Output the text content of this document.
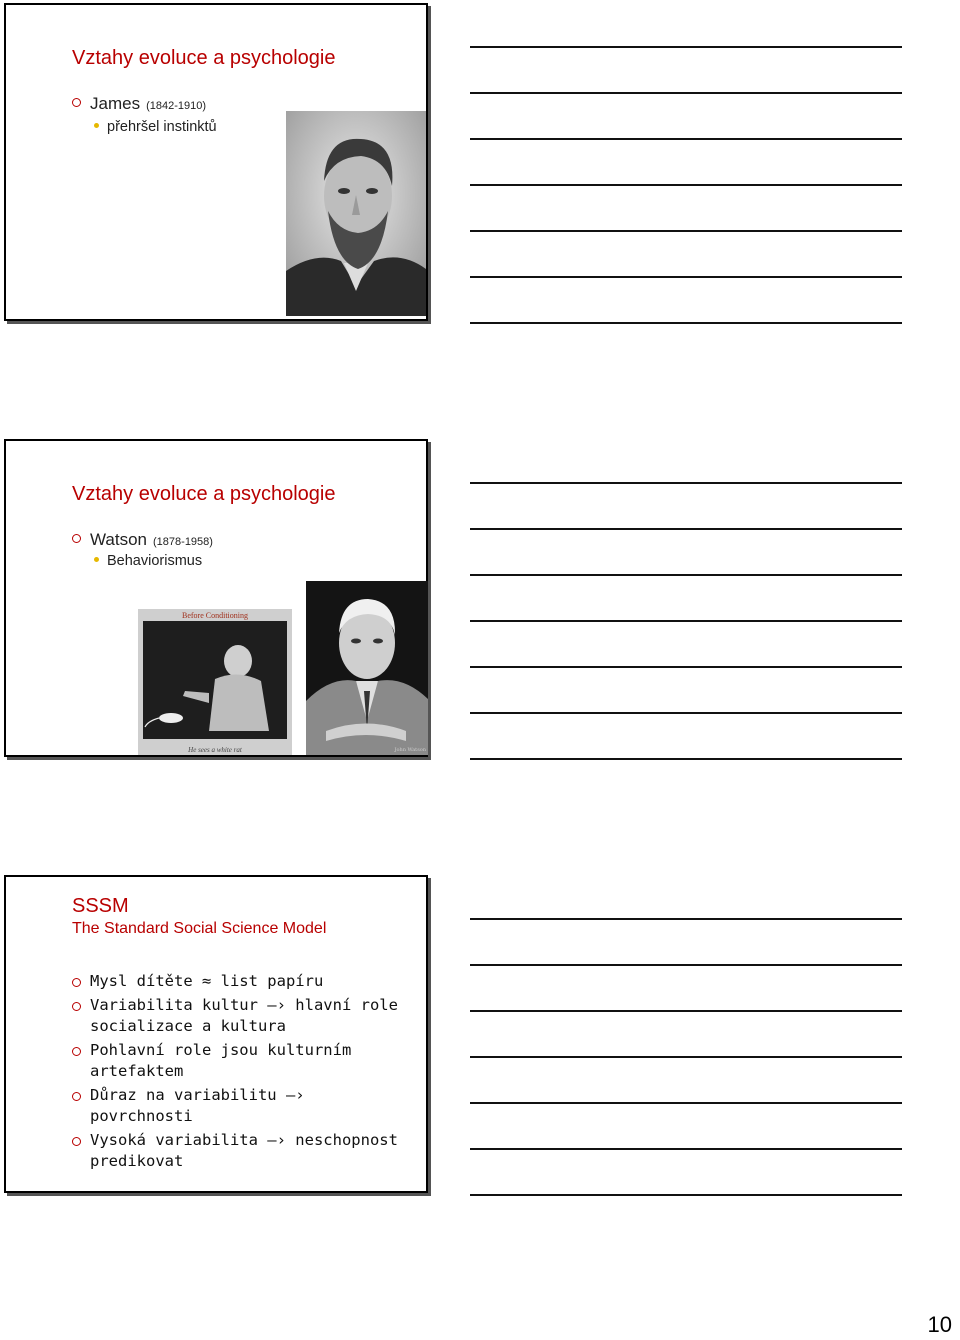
Vztahy evoluce a psychologie
James (1842-1910)
přehršel instinktů
Vztahy evoluce a psychologie
Watson (1878-1958)
Behaviorismus
Before Conditioning
He sees a white rat	John Watson
SSSM
The Standard Social Science Model
Mysl dítěte ≈ list papíru
Variabilita kultur —› hlavní role
socializace a kultura
Pohlavní role jsou kulturním
artefaktem
Důraz na variabilitu —› povrchnosti
Vysoká variabilita —› neschopnost
predikovat
10
